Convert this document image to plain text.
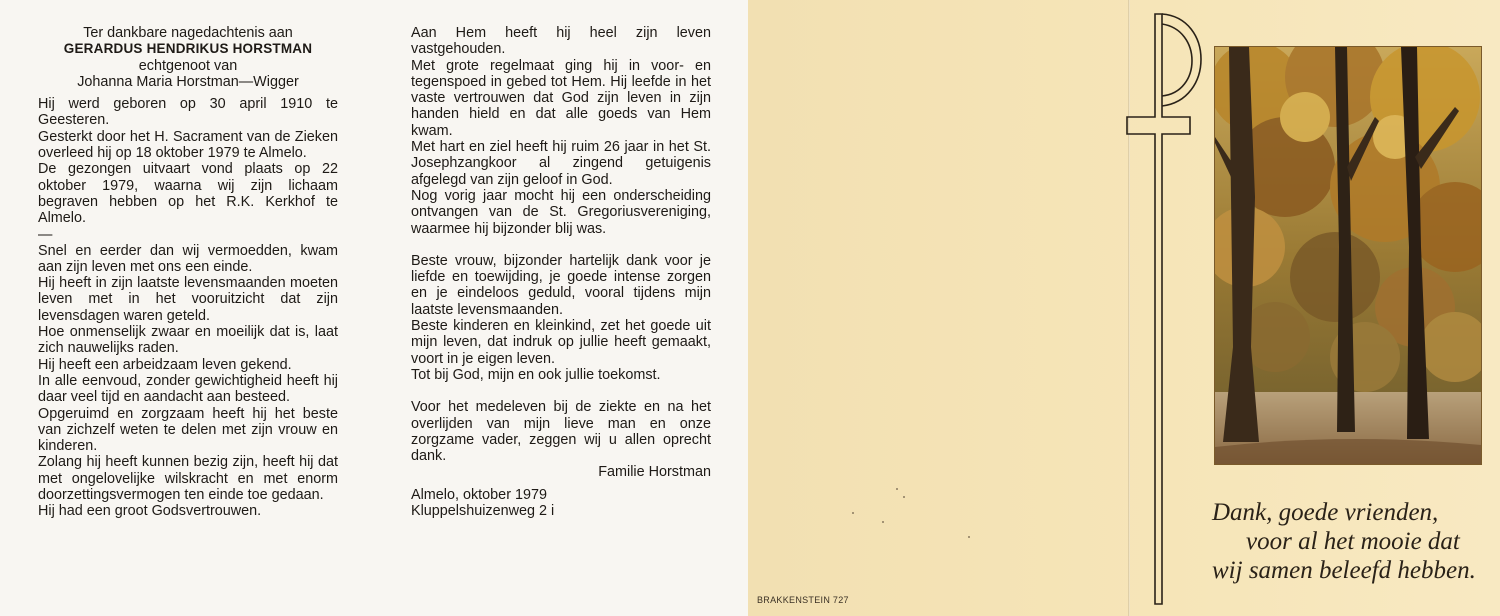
Ter dankbare nagedachtenis aan

GERARDUS HENDRIKUS HORSTMAN

echtgenoot van

Johanna Maria Horstman—Wigger

Hij werd geboren op 30 april 1910 te Geesteren.

Gesterkt door het H. Sacrament van de Zieken overleed hij op 18 oktober 1979 te Almelo.

De gezongen uitvaart vond plaats op 22 oktober 1979, waarna wij zijn lichaam begraven hebben op het R.K. Kerkhof te Almelo.

—

Snel en eerder dan wij vermoedden, kwam aan zijn leven met ons een einde.

Hij heeft in zijn laatste levensmaanden moeten leven met in het vooruitzicht dat zijn levensdagen waren geteld.

Hoe onmenselijk zwaar en moeilijk dat is, laat zich nauwelijks raden.

Hij heeft een arbeidzaam leven gekend.

In alle eenvoud, zonder gewichtigheid heeft hij daar veel tijd en aandacht aan besteed.

Opgeruimd en zorgzaam heeft hij het beste van zichzelf weten te delen met zijn vrouw en kinderen.

Zolang hij heeft kunnen bezig zijn, heeft hij dat met ongelovelijke wilskracht en met enorm doorzettingsvermogen ten einde toe gedaan.

Hij had een groot Godsvertrouwen.

Aan Hem heeft hij heel zijn leven vastgehouden.

Met grote regelmaat ging hij in voor- en tegenspoed in gebed tot Hem. Hij leefde in het vaste vertrouwen dat God zijn leven in zijn handen hield en dat alle goeds van Hem kwam.

Met hart en ziel heeft hij ruim 26 jaar in het St. Josephzangkoor al zingend getuigenis afgelegd van zijn geloof in God.

Nog vorig jaar mocht hij een onderscheiding ontvangen van de St. Gregoriusvereniging, waarmee hij bijzonder blij was.

Beste vrouw, bijzonder hartelijk dank voor je liefde en toewijding, je goede intense zorgen en je eindeloos geduld, vooral tijdens mijn laatste levensmaanden.

Beste kinderen en kleinkind, zet het goede uit mijn leven, dat indruk op jullie heeft gemaakt, voort in je eigen leven.

Tot bij God, mijn en ook jullie toekomst.

Voor het medeleven bij de ziekte en na het overlijden van mijn lieve man en onze zorgzame vader, zeggen wij u allen oprecht dank.

Familie Horstman

Almelo, oktober 1979

Kluppelshuizenweg 2 i

BRAKKENSTEIN 727
Dank, goede vrienden,
voor al het mooie dat
wij samen beleefd hebben.
